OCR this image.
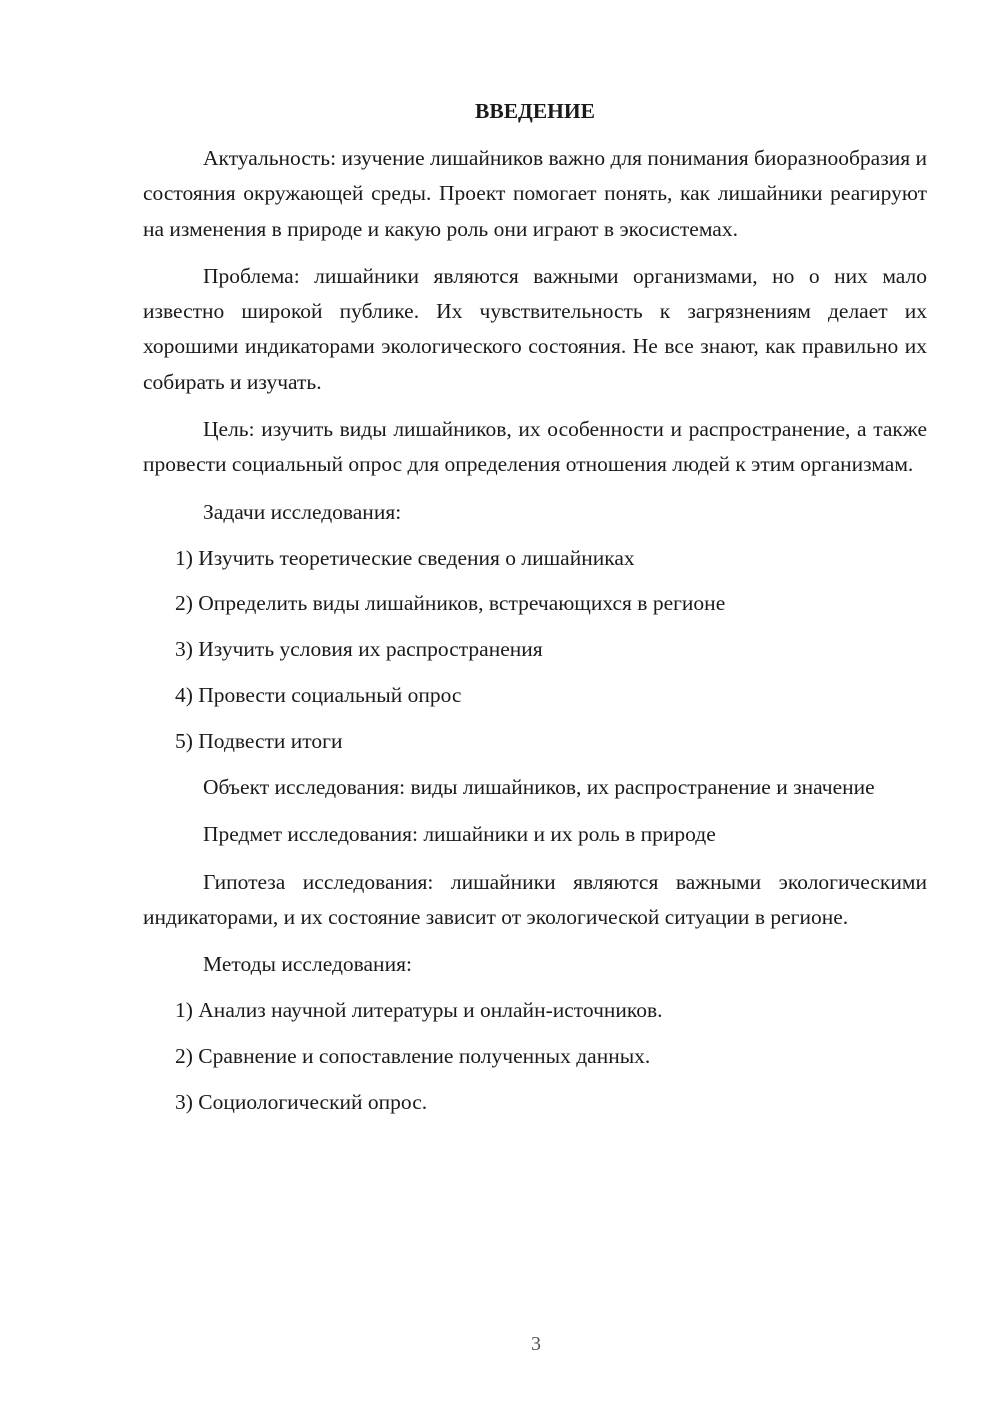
ВВЕДЕНИЕ
Актуальность: изучение лишайников важно для понимания биоразнообразия и состояния окружающей среды. Проект помогает понять, как лишайники реагируют на изменения в природе и какую роль они играют в экосистемах.
Проблема: лишайники являются важными организмами, но о них мало известно широкой публике. Их чувствительность к загрязнениям делает их хорошими индикаторами экологического состояния. Не все знают, как правильно их собирать и изучать.
Цель: изучить виды лишайников, их особенности и распространение, а также провести социальный опрос для определения отношения людей к этим организмам.
Задачи исследования:
1) Изучить теоретические сведения о лишайниках
2) Определить виды лишайников, встречающихся в регионе
3) Изучить условия их распространения
4) Провести социальный опрос
5) Подвести итоги
Объект исследования: виды лишайников, их распространение и значение
Предмет исследования: лишайники и их роль в природе
Гипотеза исследования: лишайники являются важными экологическими индикаторами, и их состояние зависит от экологической ситуации в регионе.
Методы исследования:
1) Анализ научной литературы и онлайн-источников.
2) Сравнение и сопоставление полученных данных.
3) Социологический опрос.
3
